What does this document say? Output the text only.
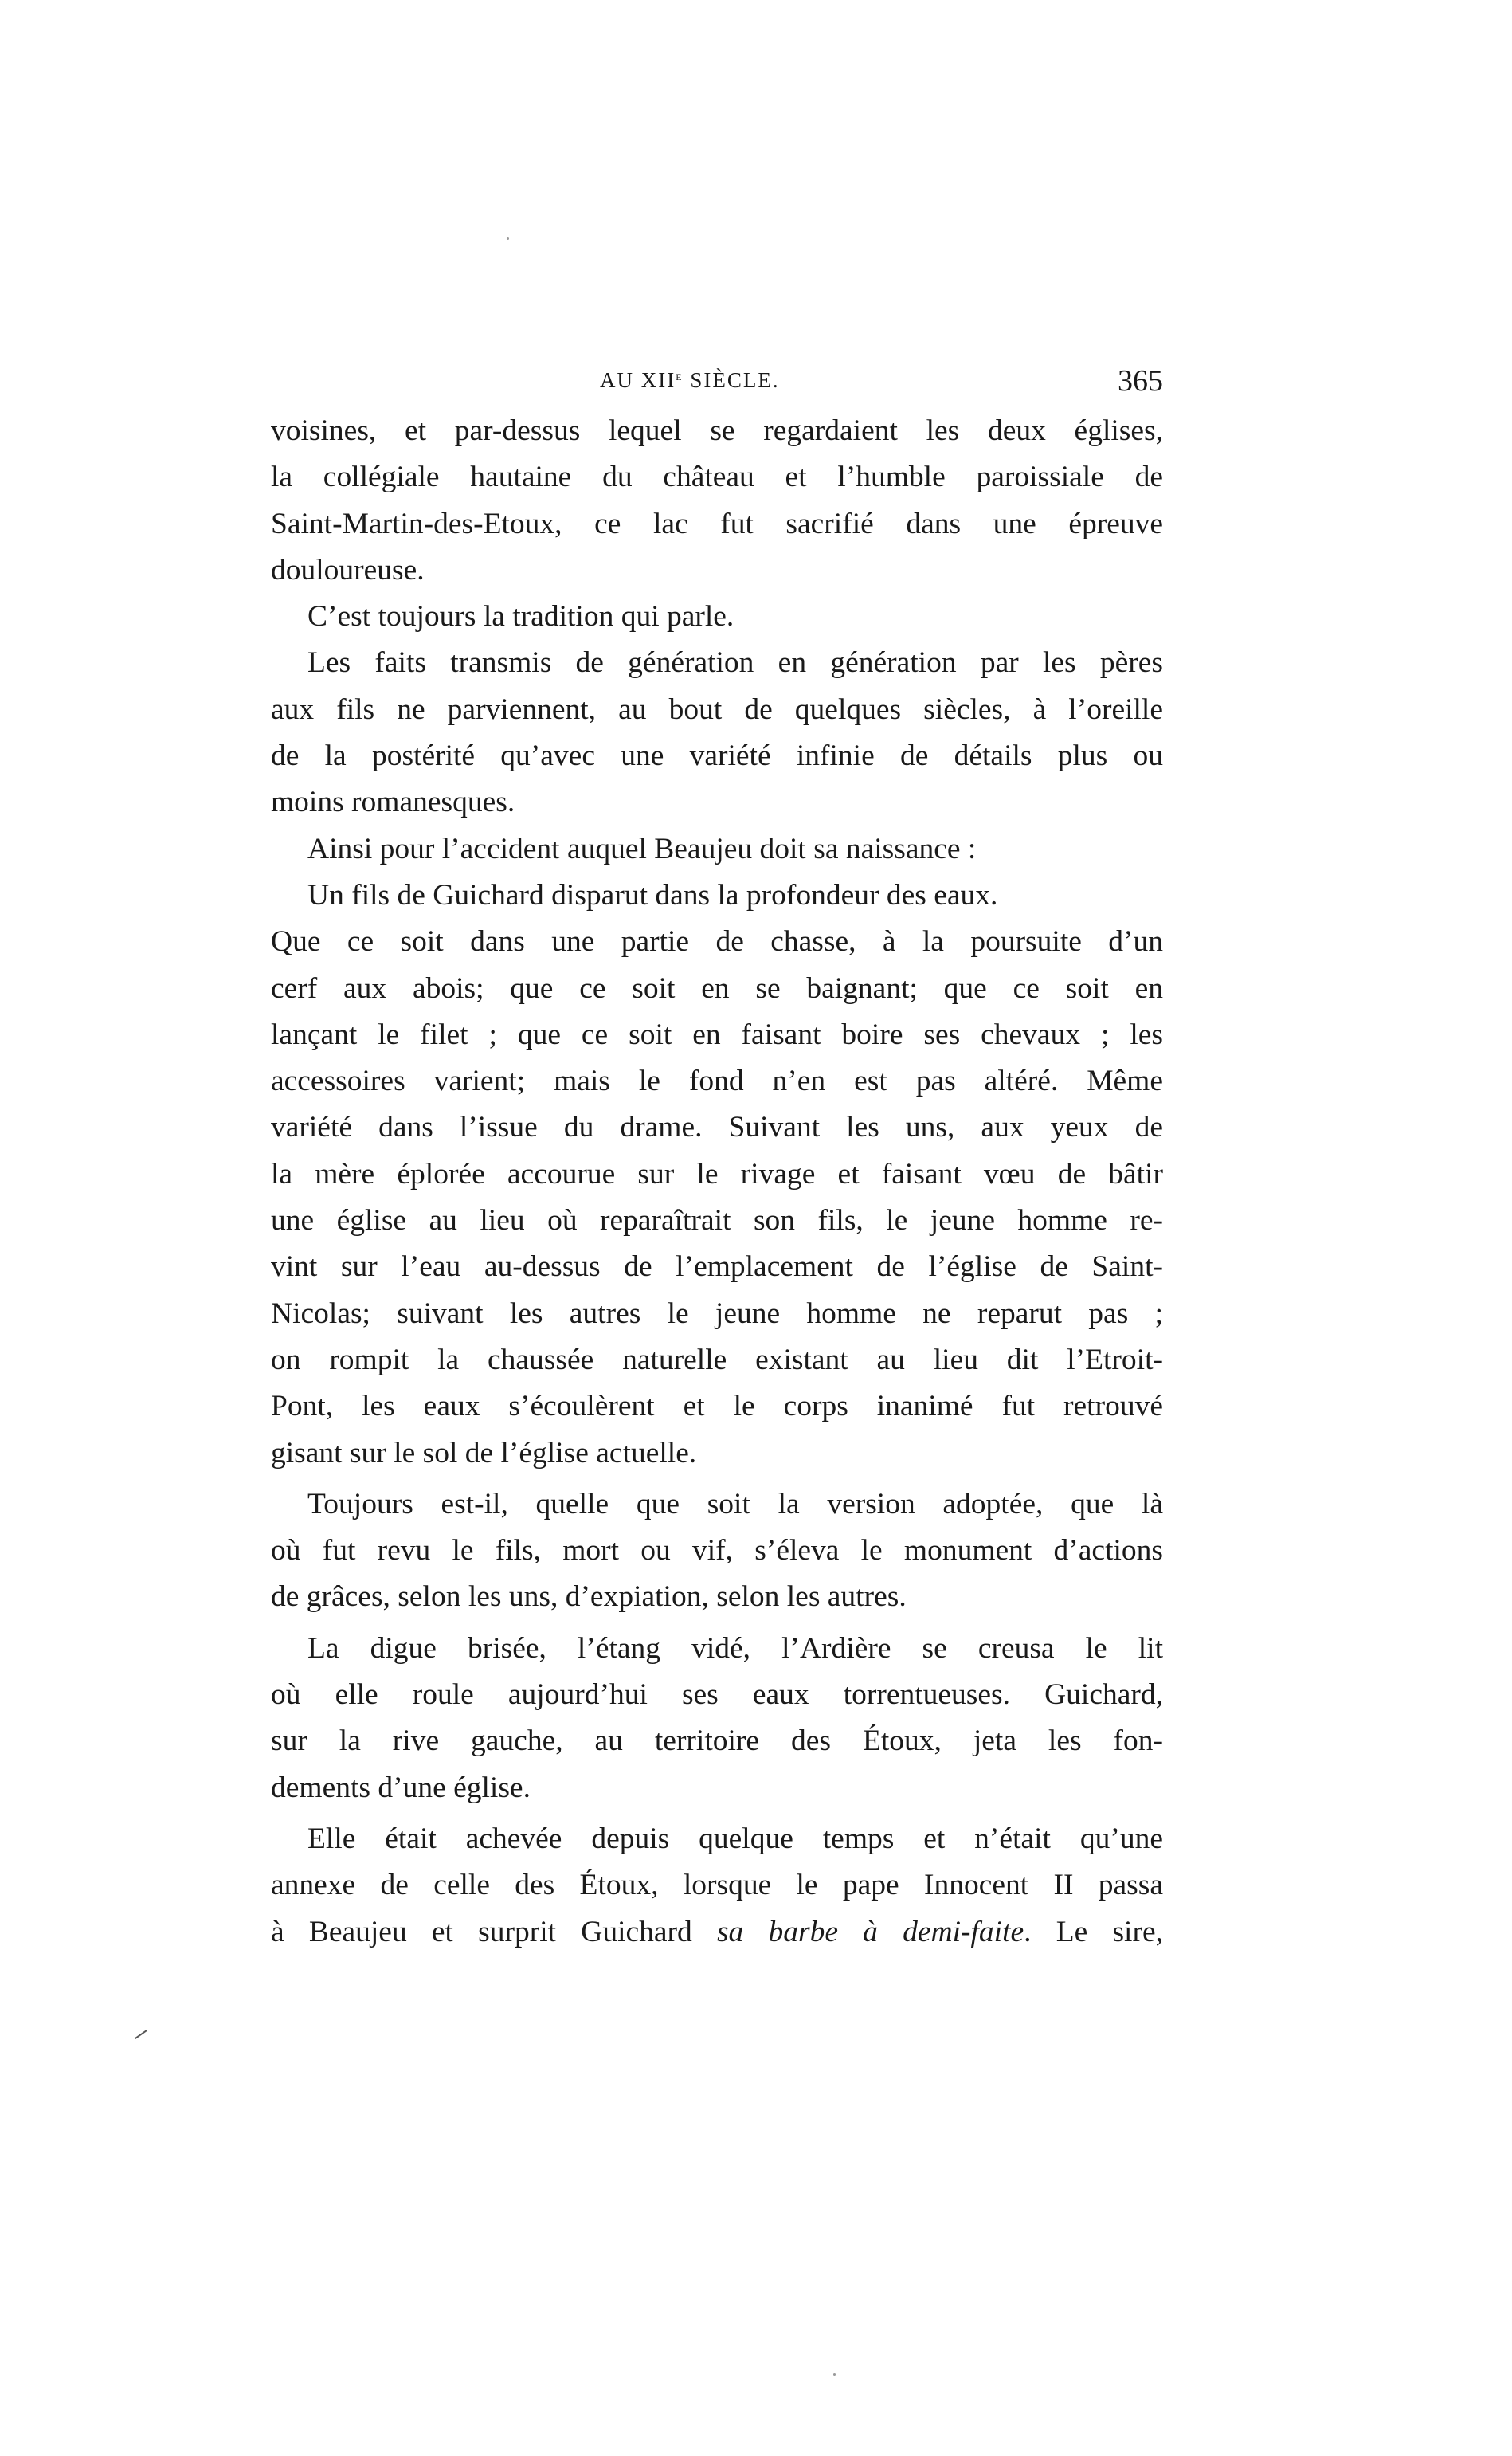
AU XIIe SIÈCLE.	365
voisines, et par-dessus lequel se regardaient les deux églises,
la collégiale hautaine du château et l’humble paroissiale de
Saint-Martin-des-Etoux, ce lac fut sacrifié dans une épreuve
douloureuse.
C’est toujours la tradition qui parle.
Les faits transmis de génération en génération par les pères
aux fils ne parviennent, au bout de quelques siècles, à l’oreille
de la postérité qu’avec une variété infinie de détails plus ou
moins romanesques.
Ainsi pour l’accident auquel Beaujeu doit sa naissance :
Un fils de Guichard disparut dans la profondeur des eaux.
Que ce soit dans une partie de chasse, à la poursuite d’un
cerf aux abois; que ce soit en se baignant; que ce soit en
lançant le filet ; que ce soit en faisant boire ses chevaux ; les
accessoires varient; mais le fond n’en est pas altéré. Même
variété dans l’issue du drame. Suivant les uns, aux yeux de
la mère éplorée accourue sur le rivage et faisant vœu de bâtir
une église au lieu où reparaîtrait son fils, le jeune homme re-
vint sur l’eau au-dessus de l’emplacement de l’église de Saint-
Nicolas; suivant les autres le jeune homme ne reparut pas ;
on rompit la chaussée naturelle existant au lieu dit l’Etroit-
Pont, les eaux s’écoulèrent et le corps inanimé fut retrouvé
gisant sur le sol de l’église actuelle.
Toujours est-il, quelle que soit la version adoptée, que là
où fut revu le fils, mort ou vif, s’éleva le monument d’actions
de grâces, selon les uns, d’expiation, selon les autres.
La digue brisée, l’étang vidé, l’Ardière se creusa le lit
où elle roule aujourd’hui ses eaux torrentueuses. Guichard,
sur la rive gauche, au territoire des Étoux, jeta les fon-
dements d’une église.
Elle était achevée depuis quelque temps et n’était qu’une
annexe de celle des Étoux, lorsque le pape Innocent II passa
à Beaujeu et surprit Guichard sa barbe à demi-faite. Le sire,
